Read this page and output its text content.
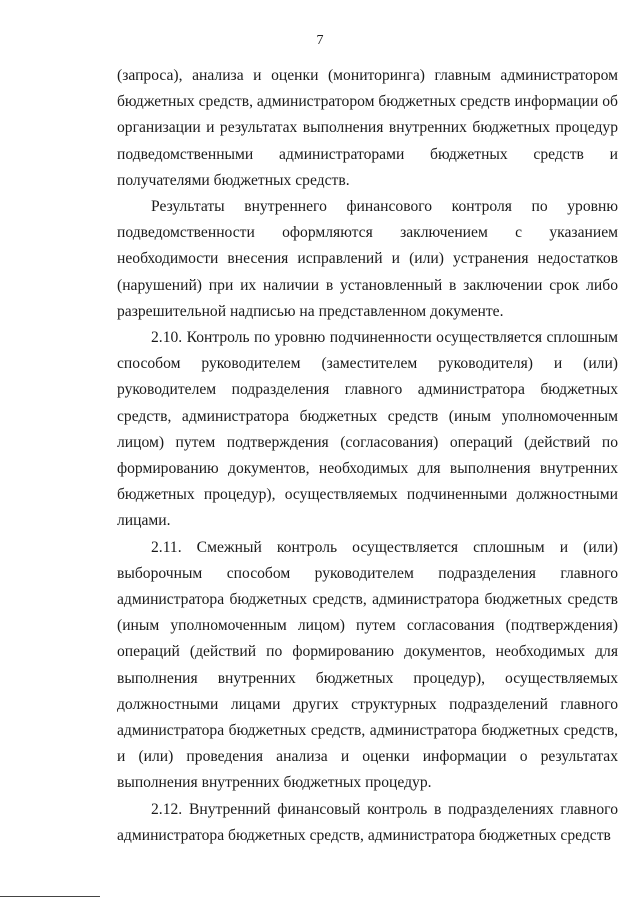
7

(запроса), анализа и оценки (мониторинга) главным администратором бюджетных средств, администратором бюджетных средств информации об организации и результатах выполнения внутренних бюджетных процедур подведомственными администраторами бюджетных средств и получателями бюджетных средств.

Результаты внутреннего финансового контроля по уровню подведомственности оформляются заключением с указанием необходимости внесения исправлений и (или) устранения недостатков (нарушений) при их наличии в установленный в заключении срок либо разрешительной надписью на представленном документе.

2.10. Контроль по уровню подчиненности осуществляется сплошным способом руководителем (заместителем руководителя) и (или) руководителем подразделения главного администратора бюджетных средств, администратора бюджетных средств (иным уполномоченным лицом) путем подтверждения (согласования) операций (действий по формированию документов, необходимых для выполнения внутренних бюджетных процедур), осуществляемых подчиненными должностными лицами.

2.11. Смежный контроль осуществляется сплошным и (или) выборочным способом руководителем подразделения главного администратора бюджетных средств, администратора бюджетных средств (иным уполномоченным лицом) путем согласования (подтверждения) операций (действий по формированию документов, необходимых для выполнения внутренних бюджетных процедур), осуществляемых должностными лицами других структурных подразделений главного администратора бюджетных средств, администратора бюджетных средств, и (или) проведения анализа и оценки информации о результатах выполнения внутренних бюджетных процедур.

2.12. Внутренний финансовый контроль в подразделениях главного администратора бюджетных средств, администратора бюджетных средств
